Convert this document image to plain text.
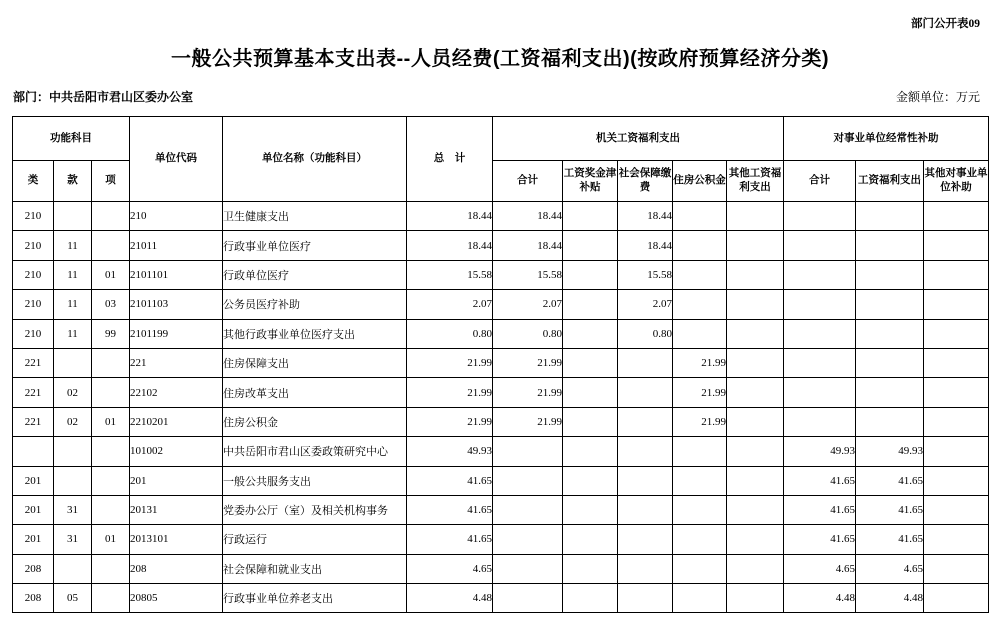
部门公开表09
一般公共预算基本支出表--人员经费(工资福利支出)(按政府预算经济分类)
部门：中共岳阳市君山区委办公室	金额单位：万元
功能科目			单位代码	单位名称（功能科目）	总　计	机关工资福利支出					对事业单位经常性补助		
类	款	项				合计	工资奖金津补贴	社会保障缴费	住房公积金	其他工资福利支出	合计	工资福利支出	其他对事业单位补助
210			210	卫生健康支出	18.44	18.44		18.44					
210	11		21011	行政事业单位医疗	18.44	18.44		18.44					
210	11	01	2101101	行政单位医疗	15.58	15.58		15.58					
210	11	03	2101103	公务员医疗补助	2.07	2.07		2.07					
210	11	99	2101199	其他行政事业单位医疗支出	0.80	0.80		0.80					
221			221	住房保障支出	21.99	21.99			21.99				
221	02		22102	住房改革支出	21.99	21.99			21.99				
221	02	01	2210201	住房公积金	21.99	21.99			21.99				
			101002	中共岳阳市君山区委政策研究中心	49.93						49.93	49.93	
201			201	一般公共服务支出	41.65						41.65	41.65	
201	31		20131	党委办公厅（室）及相关机构事务	41.65						41.65	41.65	
201	31	01	2013101	行政运行	41.65						41.65	41.65	
208			208	社会保障和就业支出	4.65						4.65	4.65	
208	05		20805	行政事业单位养老支出	4.48						4.48	4.48	
